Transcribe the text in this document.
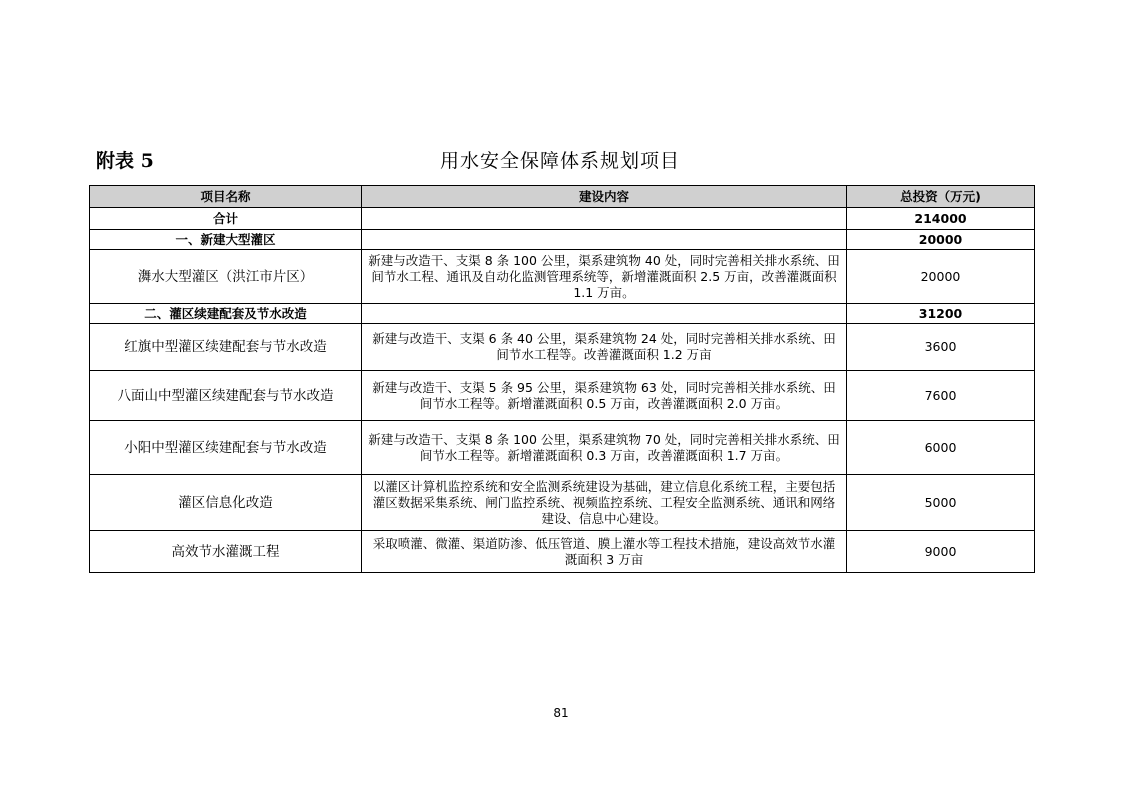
附表 5	用水安全保障体系规划项目
项目名称	建设内容	总投资（万元)
合计		214000
一、新建大型灌区		20000
㵲水大型灌区（洪江市片区）	新建与改造干、支渠 8 条 100 公里，渠系建筑物 40 处，同时完善相关排水系统、田间节水工程、通讯及自动化监测管理系统等，新增灌溉面积 2.5 万亩，改善灌溉面积 1.1 万亩。	20000
二、灌区续建配套及节水改造		31200
红旗中型灌区续建配套与节水改造	新建与改造干、支渠 6 条 40 公里，渠系建筑物 24 处，同时完善相关排水系统、田间节水工程等。改善灌溉面积 1.2 万亩	3600
八面山中型灌区续建配套与节水改造	新建与改造干、支渠 5 条 95 公里，渠系建筑物 63 处，同时完善相关排水系统、田间节水工程等。新增灌溉面积 0.5 万亩，改善灌溉面积 2.0 万亩。	7600
小阳中型灌区续建配套与节水改造	新建与改造干、支渠 8 条 100 公里，渠系建筑物 70 处，同时完善相关排水系统、田间节水工程等。新增灌溉面积 0.3 万亩，改善灌溉面积 1.7 万亩。	6000
灌区信息化改造	以灌区计算机监控系统和安全监测系统建设为基础，建立信息化系统工程，主要包括灌区数据采集系统、闸门监控系统、视频监控系统、工程安全监测系统、通讯和网络建设、信息中心建设。	5000
高效节水灌溉工程	采取喷灌、微灌、渠道防渗、低压管道、膜上灌水等工程技术措施，建设高效节水灌溉面积 3 万亩	9000
81
